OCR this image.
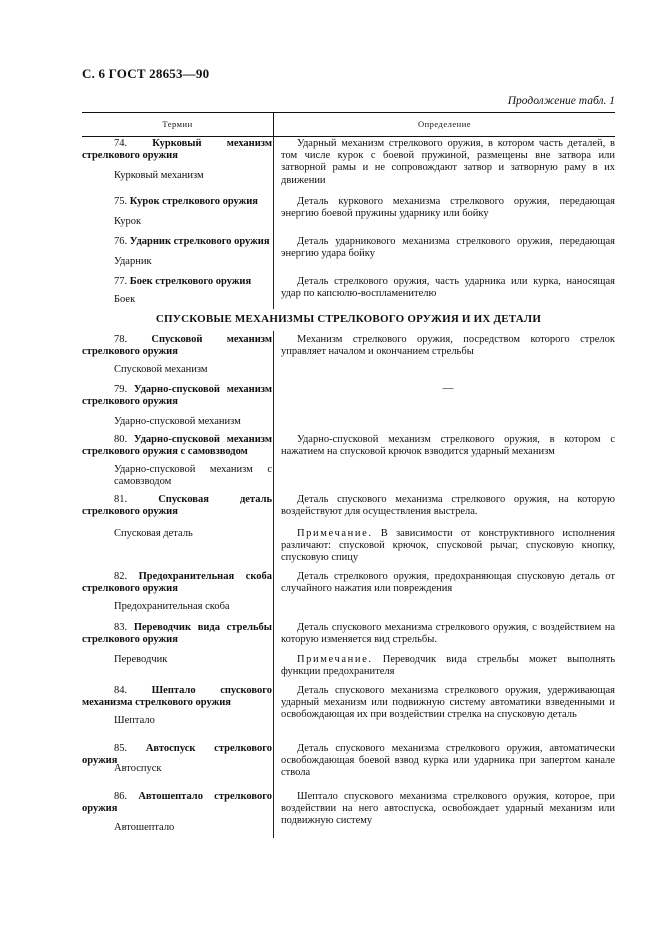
С. 6 ГОСТ 28653—90
Продолжение табл. 1
Термин	Определение
74. Курковый механизм стрелкового оружия
Курковый механизм
Ударный механизм стрелкового оружия, в котором часть деталей, в том числе курок с боевой пружиной, размещены вне затвора или затворной рамы и не сопровождают затвор и затворную раму в их движении
75. Курок стрелкового оружия
Курок
Деталь куркового механизма стрелкового оружия, передающая энергию боевой пружины ударнику или бойку
76. Ударник стрелкового оружия
Ударник
Деталь ударникового механизма стрелкового оружия, передающая энергию удара бойку
77. Боек стрелкового оружия
Боек
Деталь стрелкового оружия, часть ударника или курка, наносящая удар по капсюлю-воспламенителю
СПУСКОВЫЕ МЕХАНИЗМЫ СТРЕЛКОВОГО ОРУЖИЯ И ИХ ДЕТАЛИ
78. Спусковой механизм стрелкового оружия
Спусковой механизм
Механизм стрелкового оружия, посредством которого стрелок управляет началом и окончанием стрельбы
79. Ударно-спусковой механизм стрелкового оружия
Ударно-спусковой механизм
—
80. Ударно-спусковой механизм стрелкового оружия с самовзводом
Ударно-спусковой механизм с самовзводом
Ударно-спусковой механизм стрелкового оружия, в котором с нажатием на спусковой крючок взводится ударный механизм
81.	Спусковая деталь стрелкового оружия
Спусковая деталь
Деталь спускового механизма стрелкового оружия, на которую воздействуют для осуществления выстрела.
Примечание. В зависимости от конструктивного исполнения различают: спусковой крючок, спусковой рычаг, спусковую кнопку, спусковую спицу
82. Предохранительная скоба стрелкового оружия
Предохранительная скоба
Деталь стрелкового оружия, предохраняющая спусковую деталь от случайного нажатия или повреждения
83. Переводчик вида стрельбы стрелкового оружия
Переводчик
Деталь спускового механизма стрелкового оружия, с воздействием на которую изменяется вид стрельбы.
Примечание. Переводчик вида стрельбы может выполнять функции предохранителя
84. Шептало спускового механизма стрелкового оружия
Шептало
Деталь спускового механизма стрелкового оружия, удерживающая ударный механизм или подвижную систему автоматики взведенными и освобождающая их при воздействии стрелка на спусковую деталь
85. Автоспуск стрелкового оружия
Автоспуск
Деталь спускового механизма стрелкового оружия, автоматически освобождающая боевой взвод курка или ударника при запертом канале ствола
86. Автошептало стрелкового оружия
Автошептало
Шептало спускового механизма стрелкового оружия, которое, при воздействии на него автоспуска, освобождает ударный механизм или подвижную систему
